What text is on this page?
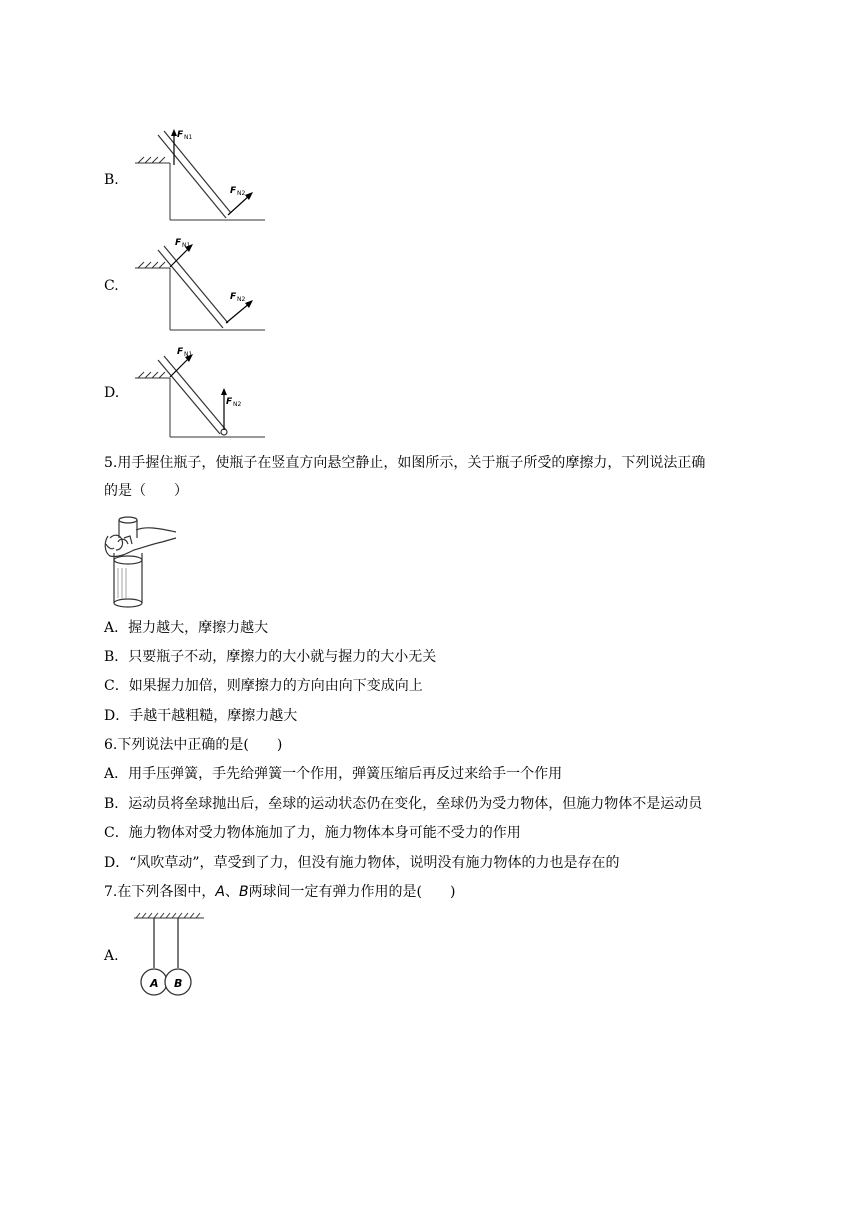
B.
F N1
F N2
C.
F N1
F N2
D.
F N1
F N2
5.用手握住瓶子，使瓶子在竖直方向悬空静止，如图所示，关于瓶子所受的摩擦力，下列说法正确
的是（　　）
A．握力越大，摩擦力越大
B．只要瓶子不动，摩擦力的大小就与握力的大小无关
C．如果握力加倍，则摩擦力的方向由向下变成向上
D．手越干越粗糙，摩擦力越大
6.下列说法中正确的是(　　)
A．用手压弹簧，手先给弹簧一个作用，弹簧压缩后再反过来给手一个作用
B．运动员将垒球抛出后，垒球的运动状态仍在变化，垒球仍为受力物体，但施力物体不是运动员
C．施力物体对受力物体施加了力，施力物体本身可能不受力的作用
D．“风吹草动”，草受到了力，但没有施力物体，说明没有施力物体的力也是存在的
7.在下列各图中，A、B两球间一定有弹力作用的是(　　)
A.
A B
